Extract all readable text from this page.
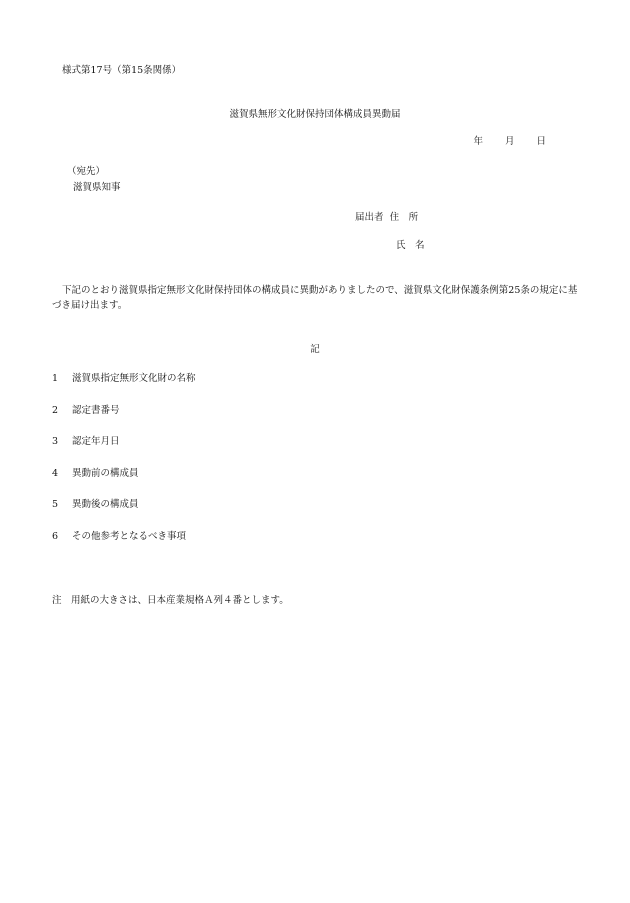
様式第17号（第15条関係）
滋賀県無形文化財保持団体構成員異動届
年 月 日
（宛先）
滋賀県知事
届出者 住　所
氏　名
下記のとおり滋賀県指定無形文化財保持団体の構成員に異動がありましたので、滋賀県文化財保護条例第25条の規定に基づき届け出ます。
記
1	滋賀県指定無形文化財の名称
2	認定書番号
3	認定年月日
4	異動前の構成員
5	異動後の構成員
6	その他参考となるべき事項
注　用紙の大きさは、日本産業規格Ａ列４番とします。
